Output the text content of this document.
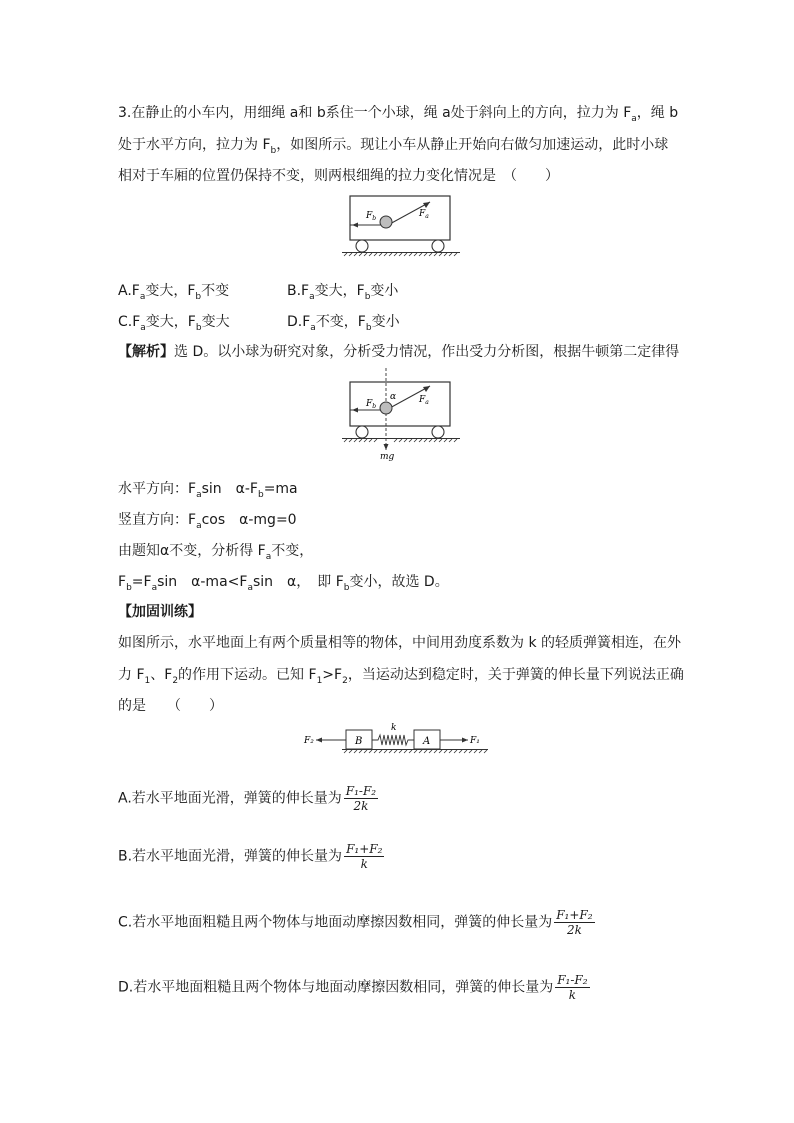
3.在静止的小车内，用细绳 a和 b系住一个小球，绳 a处于斜向上的方向，拉力为 $F_a$，绳 b
处于水平方向，拉力为 $F_b$，如图所示。现让小车从静止开始向右做匀加速运动，此时小球
相对于车厢的位置仍保持不变，则两根细绳的拉力变化情况是　（　　）
$F_b$	$F_a$
$A.F_a$变大，$F_b$不变	$B.F_a$变大，$F_b$变小
$C.F_a$变大，$F_b$变大	$D.F_a$不变，$F_b$变小
【解析】选 D。以小球为研究对象，分析受力情况，作出受力分析图，根据牛顿第二定律得
α
$F_b$
$F_a$
mg
水平方向：$F_a\sin$　$\alpha-F_b=ma$
竖直方向：$F_a\cos$　α-mg=0
由题知α不变，分析得 $F_a$不变，
$F_b=F_a\sin$　$\alpha-ma<F_a\sin$　α，　即 $F_b$变小，故选 D。
【加固训练】
如图所示，水平地面上有两个质量相等的物体，中间用劲度系数为 k 的轻质弹簧相连，在外
力 $F_1$、$F_2$的作用下运动。已知 $F_1>F_2$，当运动达到稳定时，关于弹簧的伸长量下列说法正确
的是　　（　　）
F₂	B
k
A	F₁
A.若水平地面光滑，弹簧的伸长量为 $\frac{\text{F₁-F₂}}{2k}$
B.若水平地面光滑，弹簧的伸长量为 $\frac{\text{F₁+F₂}}{k}$
C.若水平地面粗糙且两个物体与地面动摩擦因数相同，弹簧的伸长量为 $\frac{\text{F₁+F₂}}{2k}$
D.若水平地面粗糙且两个物体与地面动摩擦因数相同，弹簧的伸长量为 $\frac{\text{F₁-F₂}}{k}$
